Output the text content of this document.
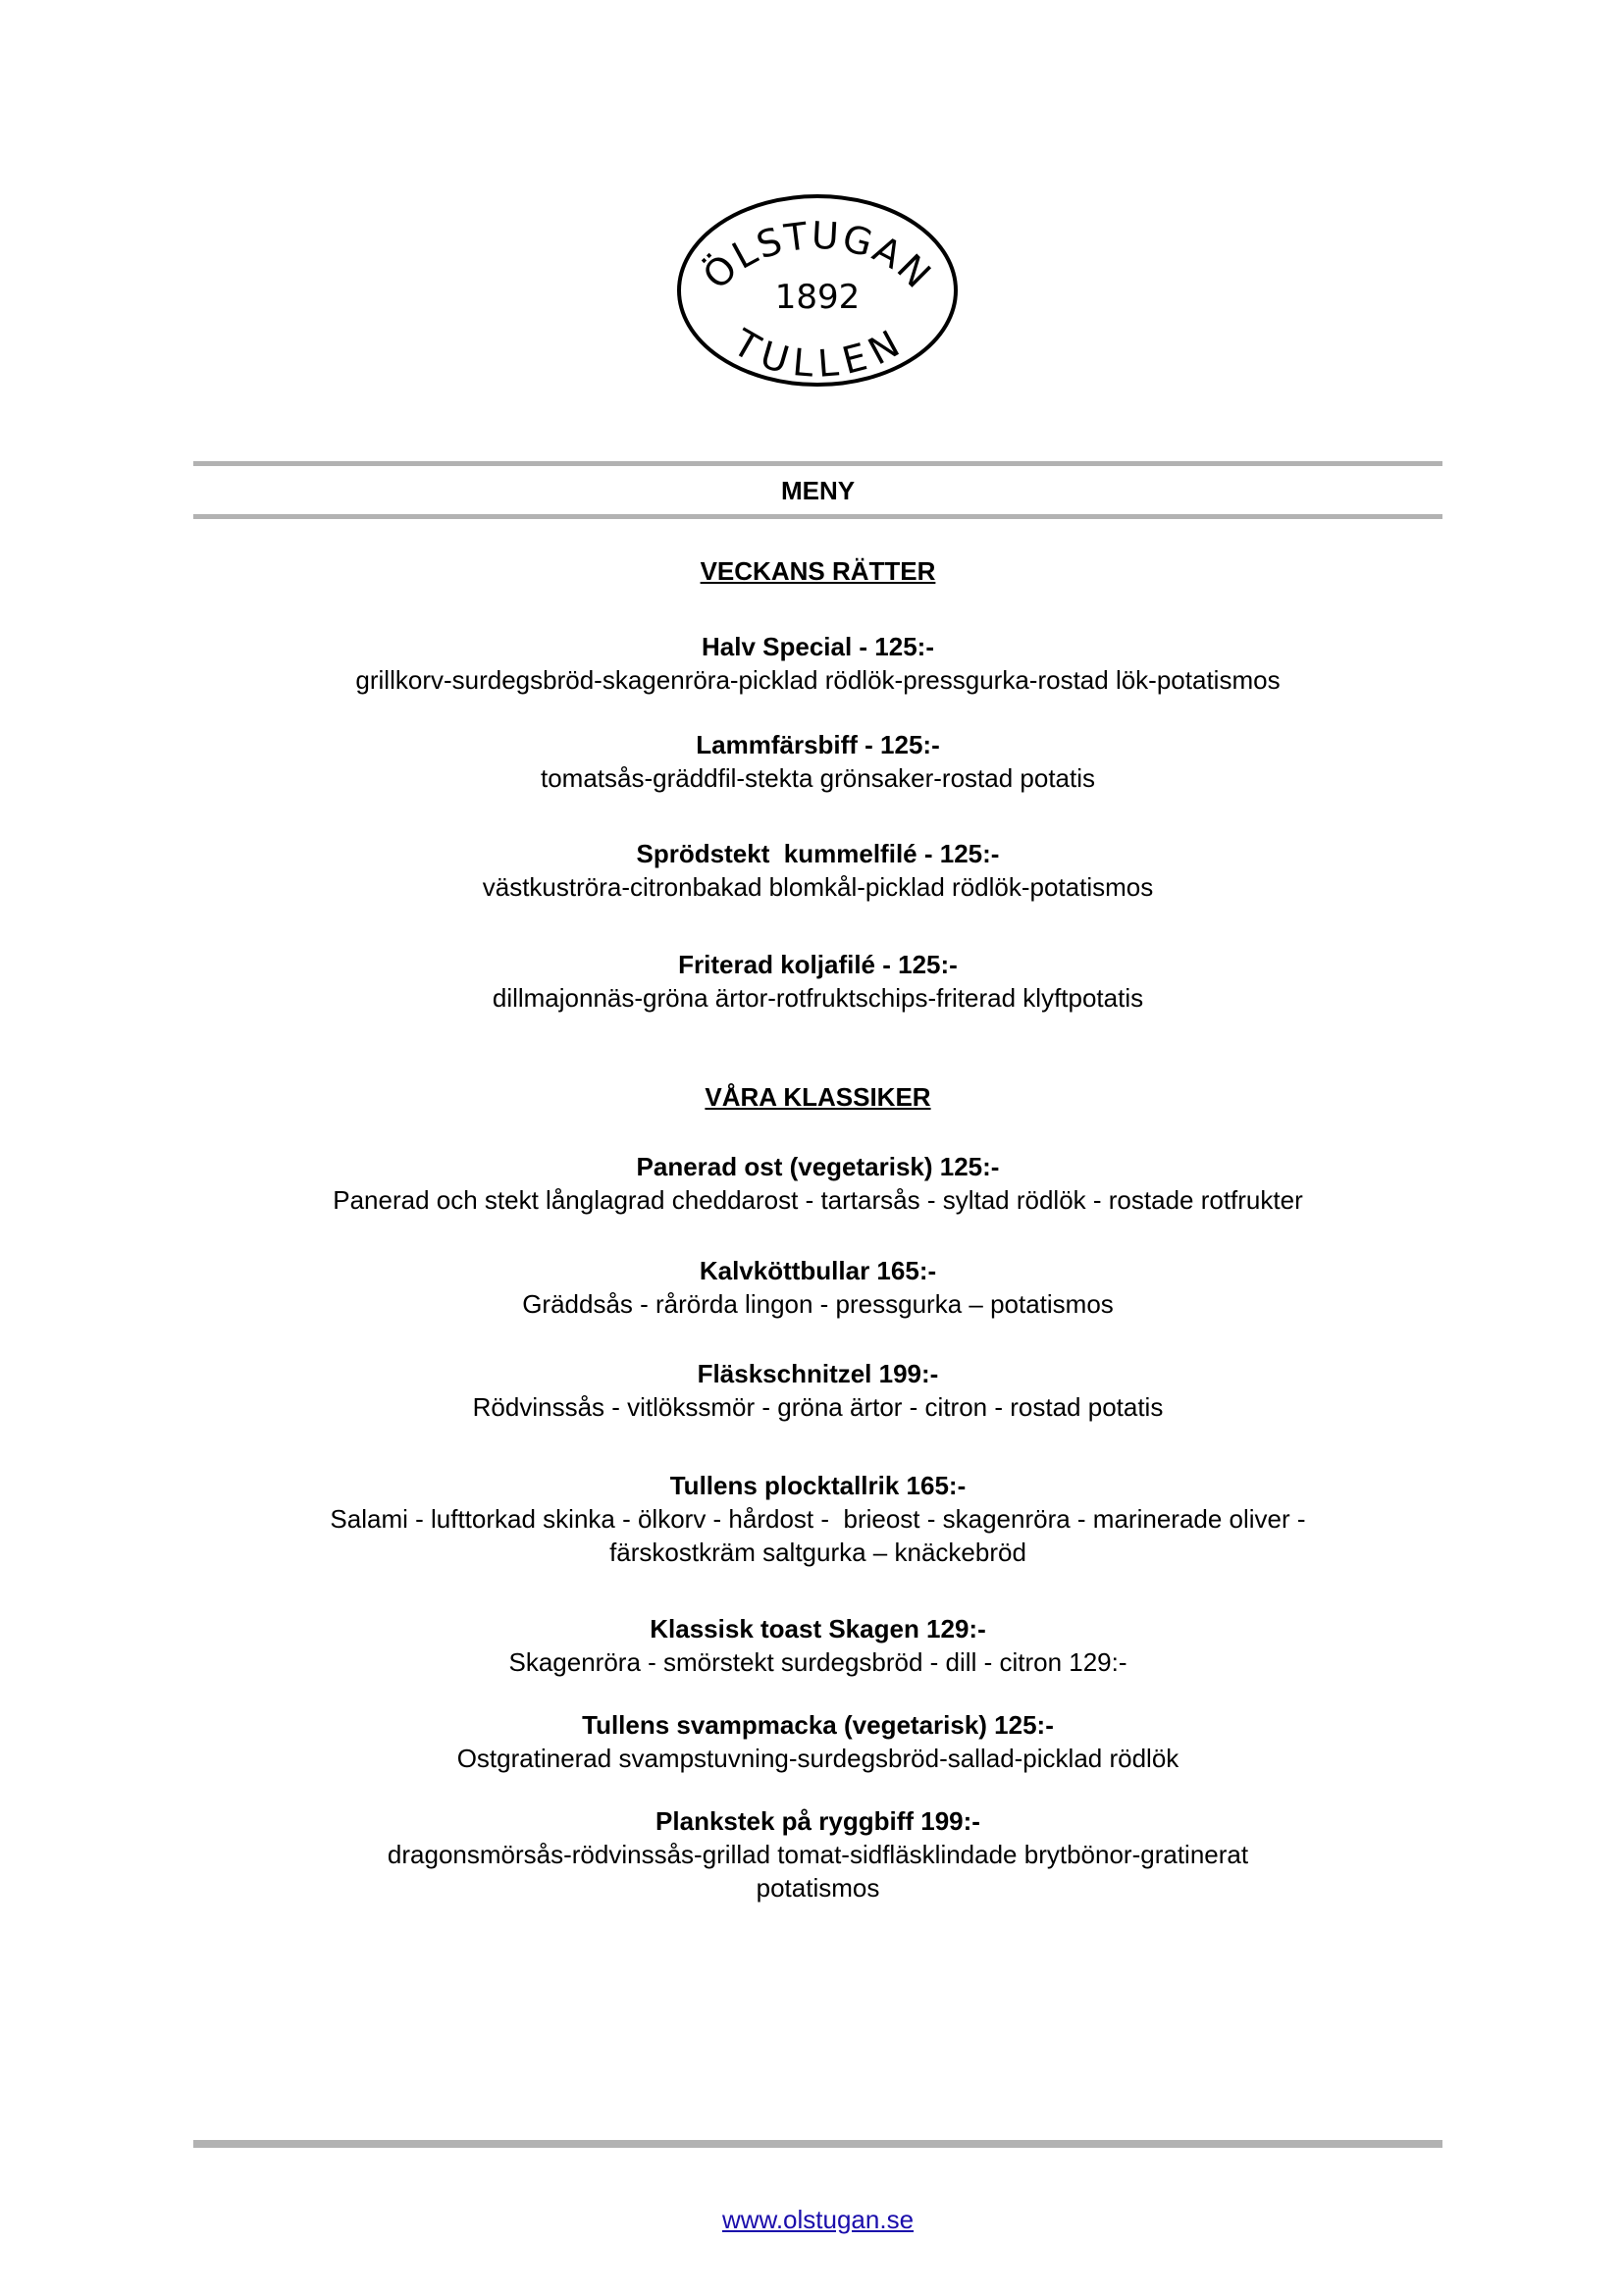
ÖLSTUGAN
1892
TULLEN
MENY
VECKANS RÄTTER
Halv Special - 125:-
grillkorv-surdegsbröd-skagenröra-picklad rödlök-pressgurka-rostad lök-potatismos
Lammfärsbiff - 125:-
tomatsås-gräddfil-stekta grönsaker-rostad potatis
Sprödstekt  kummelfilé - 125:-
västkuströra-citronbakad blomkål-picklad rödlök-potatismos
Friterad koljafilé - 125:-
dillmajonnäs-gröna ärtor-rotfruktschips-friterad klyftpotatis
VÅRA KLASSIKER
Panerad ost (vegetarisk) 125:-
Panerad och stekt långlagrad cheddarost - tartarsås - syltad rödlök - rostade rotfrukter
Kalvköttbullar 165:-
Gräddsås - rårörda lingon - pressgurka – potatismos
Fläskschnitzel 199:-
Rödvinssås - vitlökssmör - gröna ärtor - citron - rostad potatis
Tullens plocktallrik 165:-
Salami - lufttorkad skinka - ölkorv - hårdost -  brieost - skagenröra - marinerade oliver -
färskostkräm saltgurka – knäckebröd
Klassisk toast Skagen 129:-
Skagenröra - smörstekt surdegsbröd - dill - citron 129:-
Tullens svampmacka (vegetarisk) 125:-
Ostgratinerad svampstuvning-surdegsbröd-sallad-picklad rödlök
Plankstek på ryggbiff 199:-
dragonsmörsås-rödvinssås-grillad tomat-sidfläsklindade brytbönor-gratinerat
potatismos
www.olstugan.se
